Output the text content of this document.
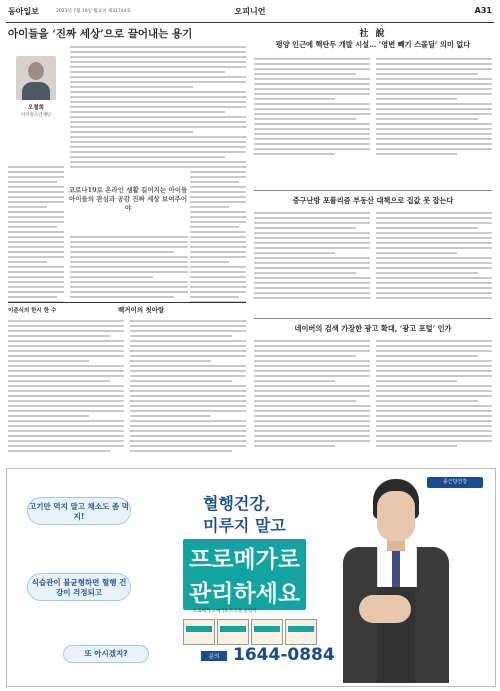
동아일보	2023년 7월 10일 월요일 제31744호	오피니언	A31
아이들을 ‘진짜 세상’으로 끌어내는 용기
오철희
지역청소년재단
코로나19로 온라인 생활 길어지는 아이들 아이들의 관심과 공감 진짜 세상 보여주어야
이준식의 한시 한 수	백거이의 첫아랑
社 說
평양 인근에 핵탄두 개발 시설… ‘영변 빼기 스몰딜’ 의미 없다
중구난방 포퓰리즘 부동산 대책으로 집값 못 잡는다
네이버의 검색 가장한 광고 확대, ‘광고 포털’ 인가
종근당건강
고기만 먹지 말고 채소도 좀 먹지!
식습관이 불균형하면 혈행 건강이 걱정되고
또 아시겠지?
혈행건강,
미루지 말고
프로메가로
관리하세요
프로메가 오메가3 트리플 알티지
문의 1644-0884
